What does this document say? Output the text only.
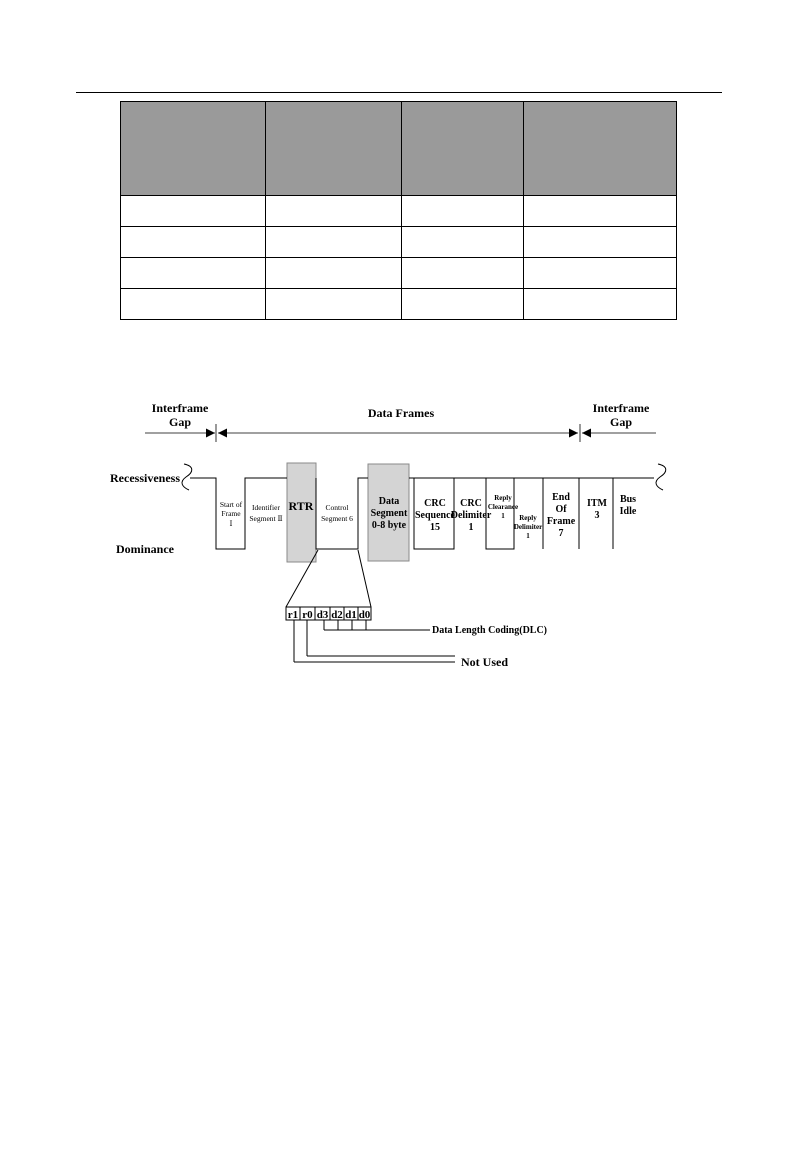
Interframe
Gap
Data Frames	Interframe
Gap
Recessiveness
Dominance
Start of
Frame
Ⅰ
Identifier
Segment Ⅱ
RTR Control
Segment 6
Data
Segment
0-8 byte
CRC
Sequence
15
CRC
Delimiter
1
Reply
Clearance
1 Reply
Delimiter
1
End
Of
Frame
7
ITM
3
Bus
Idle
r1 r0 d3 d2 d1 d0
Data Length Coding(DLC)
Not Used
